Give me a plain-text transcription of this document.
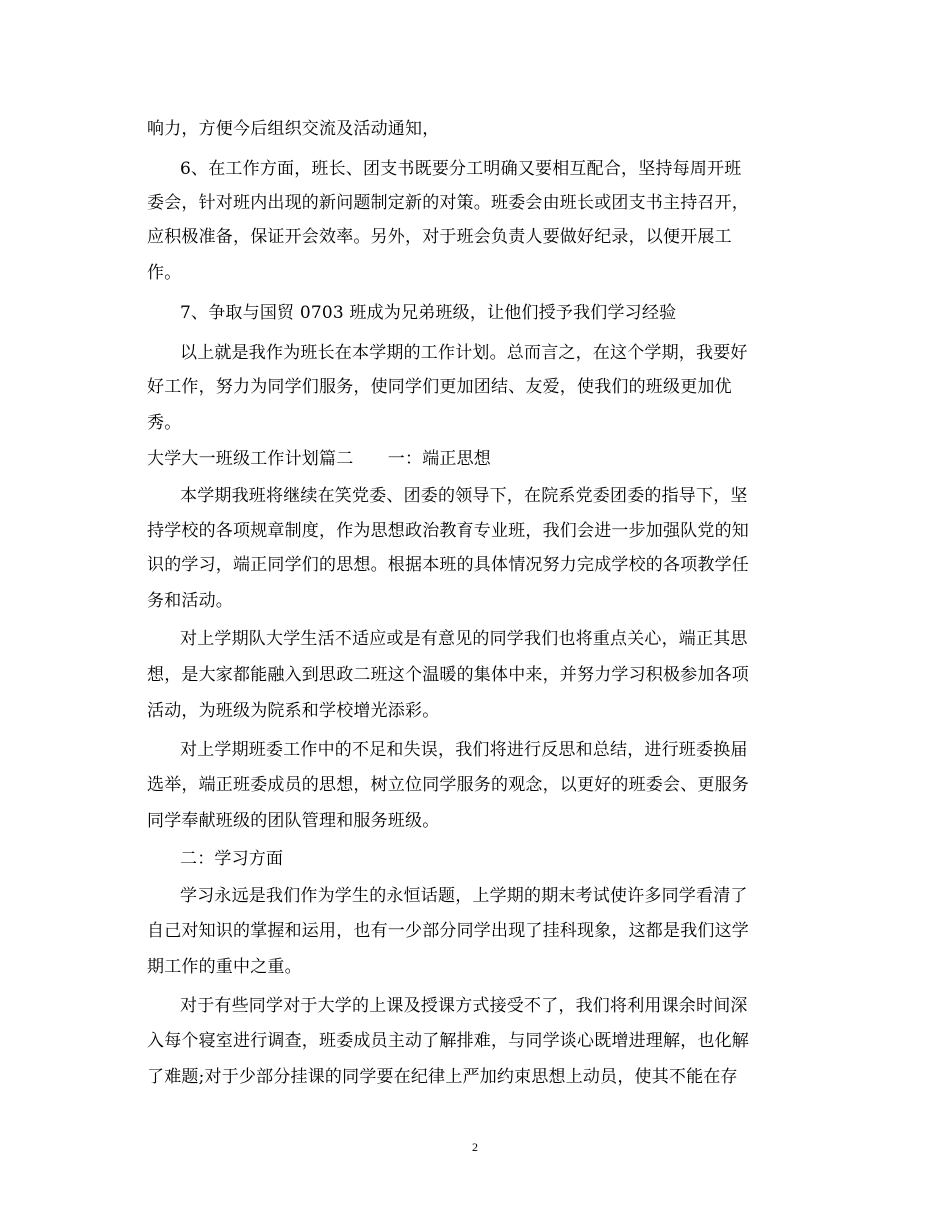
响力，方便今后组织交流及活动通知，
6、在工作方面，班长、团支书既要分工明确又要相互配合，坚持每周开班
委会，针对班内出现的新问题制定新的对策。班委会由班长或团支书主持召开，
应积极准备，保证开会效率。另外，对于班会负责人要做好纪录，以便开展工
作。
7、争取与国贸 0703 班成为兄弟班级，让他们授予我们学习经验
以上就是我作为班长在本学期的工作计划。总而言之，在这个学期，我要好
好工作，努力为同学们服务，使同学们更加团结、友爱，使我们的班级更加优
秀。
大学大一班级工作计划篇二　　一：端正思想
本学期我班将继续在笑党委、团委的领导下，在院系党委团委的指导下，坚
持学校的各项规章制度，作为思想政治教育专业班，我们会进一步加强队党的知
识的学习，端正同学们的思想。根据本班的具体情况努力完成学校的各项教学任
务和活动。
对上学期队大学生活不适应或是有意见的同学我们也将重点关心，端正其思
想，是大家都能融入到思政二班这个温暖的集体中来，并努力学习积极参加各项
活动，为班级为院系和学校增光添彩。
对上学期班委工作中的不足和失误，我们将进行反思和总结，进行班委换届
选举，端正班委成员的思想，树立位同学服务的观念，以更好的班委会、更服务
同学奉献班级的团队管理和服务班级。
二：学习方面
学习永远是我们作为学生的永恒话题，上学期的期末考试使许多同学看清了
自己对知识的掌握和运用，也有一少部分同学出现了挂科现象，这都是我们这学
期工作的重中之重。
对于有些同学对于大学的上课及授课方式接受不了，我们将利用课余时间深
入每个寝室进行调查，班委成员主动了解排难，与同学谈心既增进理解，也化解
了难题;对于少部分挂课的同学要在纪律上严加约束思想上动员，使其不能在存
2
